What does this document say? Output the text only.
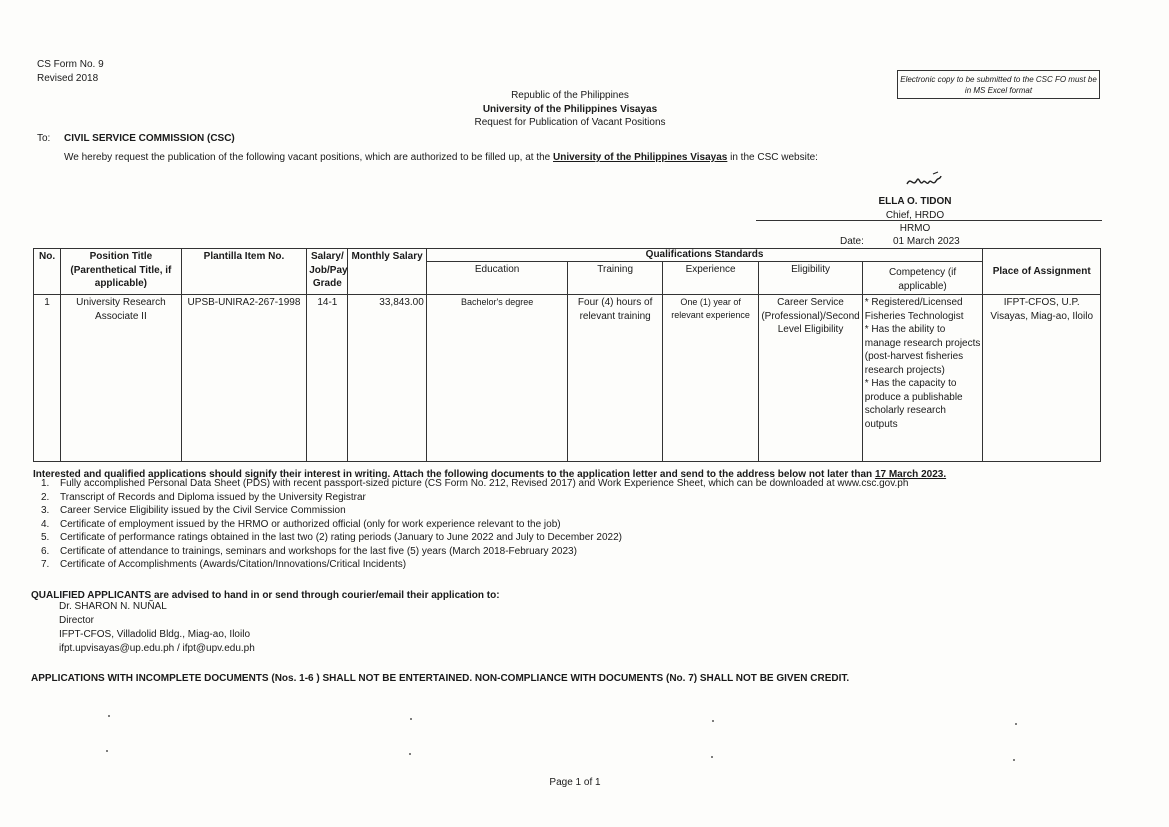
CS Form No. 9
Revised 2018	Electronic copy to be submitted to the CSC FO must be in MS Excel format
Republic of the Philippines
University of the Philippines Visayas
Request for Publication of Vacant Positions
To: CIVIL SERVICE COMMISSION (CSC)
We hereby request the publication of the following vacant positions, which are authorized to be filled up, at the University of the Philippines Visayas in the CSC website:
ELLA O. TIDON
Chief, HRDO
HRMO
Date:	01 March 2023
No.	Position Title (Parenthetical Title, if applicable)	Plantilla Item No.	Salary/ Job/Pay Grade	Monthly Salary	Qualifications Standards					Place of Assignment
					Education	Training	Experience	Eligibility	Competency (if applicable)	
1	University Research Associate II	UPSB-UNIRA2-267-1998	14-1	33,843.00	Bachelor's degree	Four (4) hours of relevant training	One (1) year of relevant experience	Career Service (Professional)/Second Level Eligibility	* Registered/Licensed Fisheries Technologist
* Has the ability to manage research projects (post-harvest fisheries research projects)
* Has the capacity to produce a publishable scholarly research outputs	IFPT-CFOS, U.P. Visayas, Miag-ao, Iloilo
Interested and qualified applications should signify their interest in writing. Attach the following documents to the application letter and send to the address below not later than 17 March 2023.
1. Fully accomplished Personal Data Sheet (PDS) with recent passport-sized picture (CS Form No. 212, Revised 2017) and Work Experience Sheet, which can be downloaded at www.csc.gov.ph
2. Transcript of Records and Diploma issued by the University Registrar
3. Career Service Eligibility issued by the Civil Service Commission
4. Certificate of employment issued by the HRMO or authorized official (only for work experience relevant to the job)
5. Certificate of performance ratings obtained in the last two (2) rating periods (January to June 2022 and July to December 2022)
6. Certificate of attendance to trainings, seminars and workshops for the last five (5) years (March 2018-February 2023)
7. Certificate of Accomplishments (Awards/Citation/Innovations/Critical Incidents)
QUALIFIED APPLICANTS are advised to hand in or send through courier/email their application to:
Dr. SHARON N. NUÑAL
Director
IFPT-CFOS, Villadolid Bldg., Miag-ao, Iloilo
ifpt.upvisayas@up.edu.ph / ifpt@upv.edu.ph
APPLICATIONS WITH INCOMPLETE DOCUMENTS (Nos. 1-6 ) SHALL NOT BE ENTERTAINED. NON-COMPLIANCE WITH DOCUMENTS (No. 7) SHALL NOT BE GIVEN CREDIT.
Page 1 of 1
